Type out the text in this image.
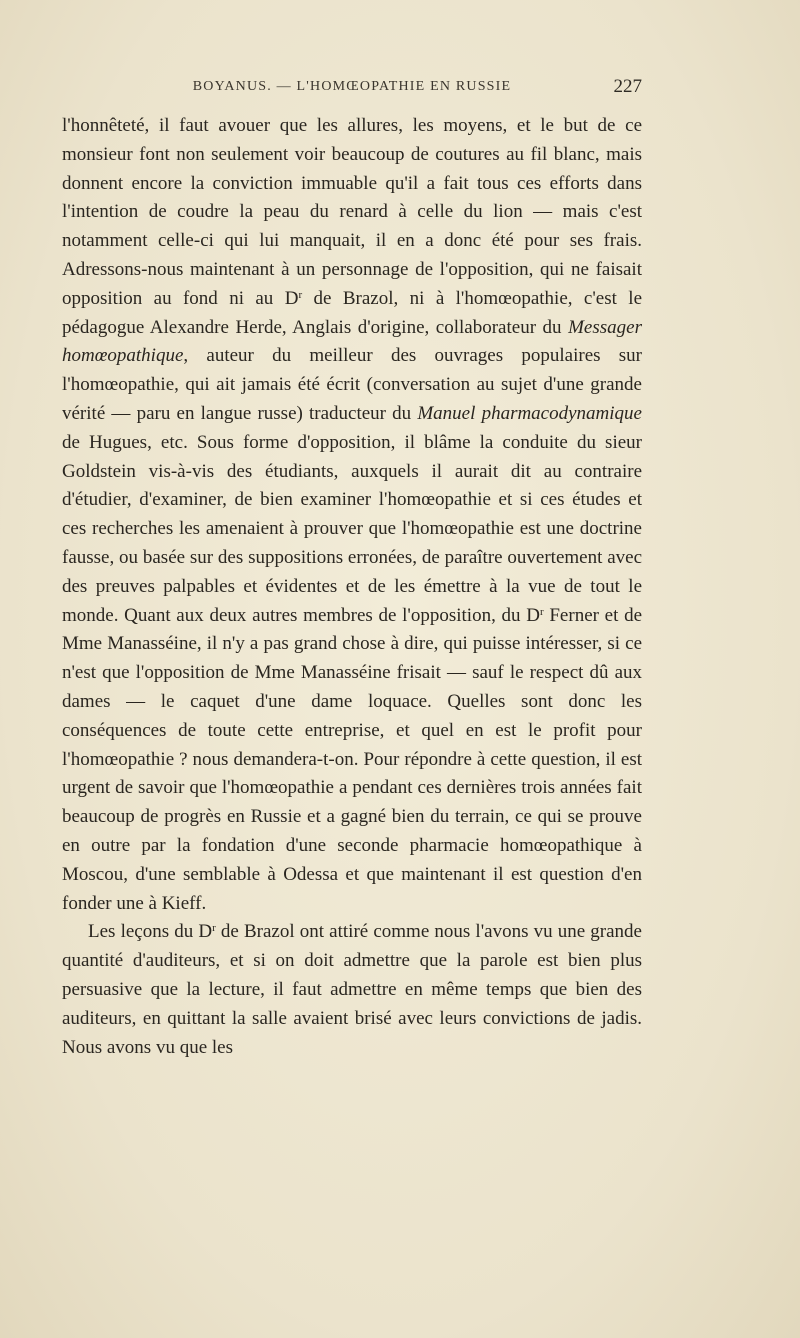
BOYANUS. — L'HOMŒOPATHIE EN RUSSIE	227

l'honnêteté, il faut avouer que les allures, les moyens, et le but de ce monsieur font non seulement voir beaucoup de coutures au fil blanc, mais donnent encore la conviction immuable qu'il a fait tous ces efforts dans l'intention de coudre la peau du renard à celle du lion — mais c'est notamment celle-ci qui lui manquait, il en a donc été pour ses frais. Adressons-nous maintenant à un personnage de l'opposition, qui ne faisait opposition au fond ni au $D^r$ de Brazol, ni à l'homœopathie, c'est le pédagogue Alexandre Herde, Anglais d'origine, collaborateur du Messager homœopathique, auteur du meilleur des ouvrages populaires sur l'homœopathie, qui ait jamais été écrit (conversation au sujet d'une grande vérité — paru en langue russe) traducteur du Manuel pharmacodynamique de Hugues, etc. Sous forme d'opposition, il blâme la conduite du sieur Goldstein vis-à-vis des étudiants, auxquels il aurait dit au contraire d'étudier, d'examiner, de bien examiner l'homœopathie et si ces études et ces recherches les amenaient à prouver que l'homœopathie est une doctrine fausse, ou basée sur des suppositions erronées, de paraître ouvertement avec des preuves palpables et évidentes et de les émettre à la vue de tout le monde. Quant aux deux autres membres de l'opposition, du $D^r$ Ferner et de Mme Manasséine, il n'y a pas grand chose à dire, qui puisse intéresser, si ce n'est que l'opposition de Mme Manasséine frisait — sauf le respect dû aux dames — le caquet d'une dame loquace. Quelles sont donc les conséquences de toute cette entreprise, et quel en est le profit pour l'homœopathie ? nous demandera-t-on. Pour répondre à cette question, il est urgent de savoir que l'homœopathie a pendant ces dernières trois années fait beaucoup de progrès en Russie et a gagné bien du terrain, ce qui se prouve en outre par la fondation d'une seconde pharmacie homœopathique à Moscou, d'une semblable à Odessa et que maintenant il est question d'en fonder une à Kieff.

Les leçons du $D^r$ de Brazol ont attiré comme nous l'avons vu une grande quantité d'auditeurs, et si on doit admettre que la parole est bien plus persuasive que la lecture, il faut admettre en même temps que bien des auditeurs, en quittant la salle avaient brisé avec leurs convictions de jadis. Nous avons vu que les
